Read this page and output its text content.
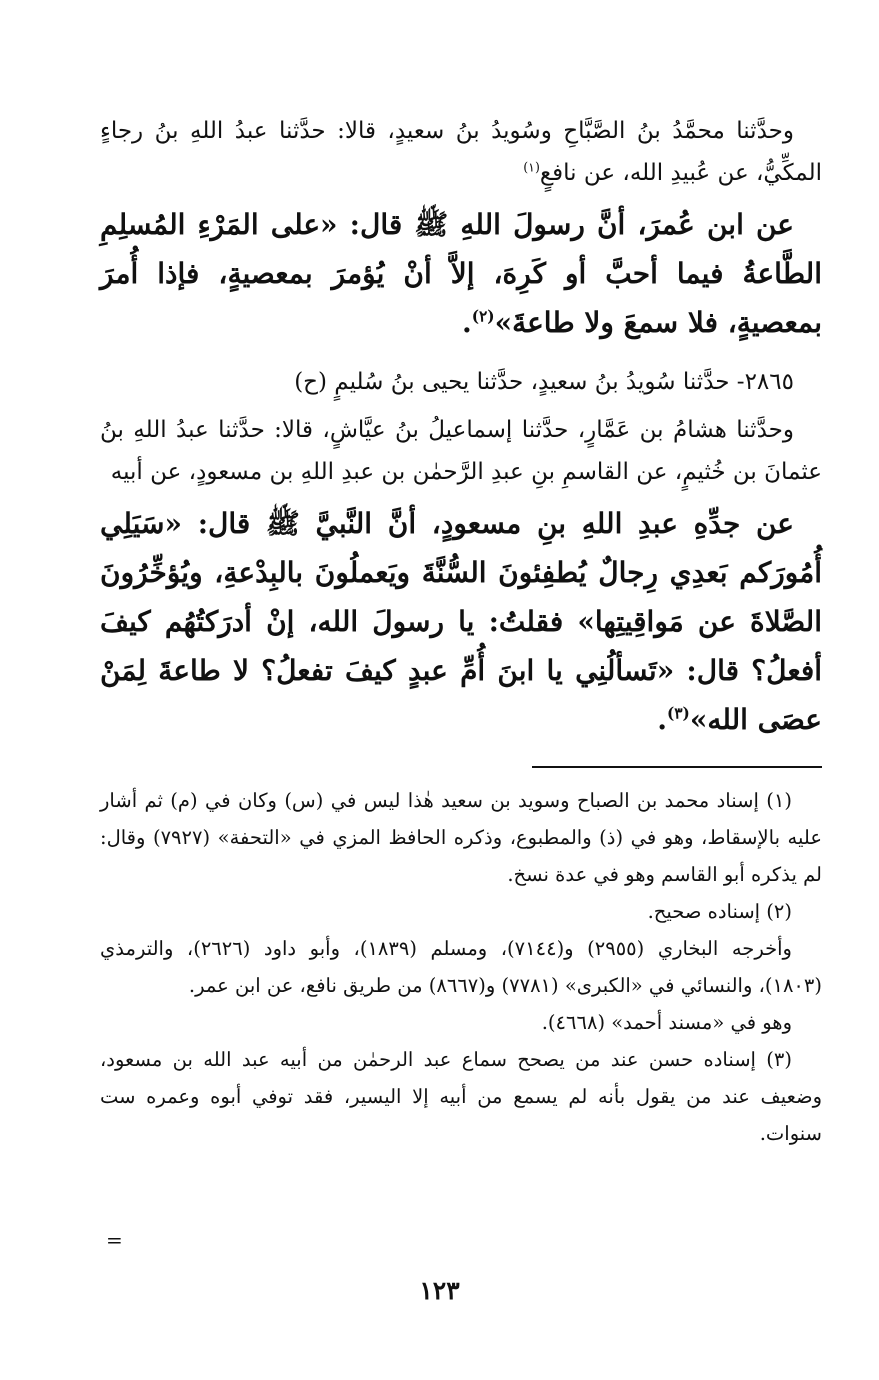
وحدَّثنا محمَّدُ بنُ الصَّبَّاحِ وسُويدُ بنُ سعيدٍ، قالا: حدَّثنا عبدُ اللهِ بنُ رجاءٍ المكِّيُّ، عن عُبيدِ الله، عن نافعٍ$^{(١)}$

عن ابن عُمرَ، أنَّ رسولَ اللهِ ﷺ قال: «على المَرْءِ المُسلِمِ الطَّاعةُ فيما أحبَّ أو كَرِهَ، إلاَّ أنْ يُؤمرَ بمعصيةٍ، فإذا أُمرَ بمعصيةٍ، فلا سمعَ ولا طاعةَ»$^{(٢)}$.

٢٨٦٥- حدَّثنا سُويدُ بنُ سعيدٍ، حدَّثنا يحيى بنُ سُليمٍ (ح)

وحدَّثنا هشامُ بن عَمَّارٍ، حدَّثنا إسماعيلُ بنُ عيَّاشٍ، قالا: حدَّثنا عبدُ اللهِ بنُ عثمانَ بن خُثيمٍ، عن القاسمِ بنِ عبدِ الرَّحمٰن بن عبدِ اللهِ بن مسعودٍ، عن أبيه

عن جدِّهِ عبدِ اللهِ بنِ مسعودٍ، أنَّ النَّبيَّ ﷺ قال: «سَيَلِي أُمُورَكم بَعدِي رِجالٌ يُطفِئونَ السُّنَّةَ ويَعملُونَ بالبِدْعةِ، ويُؤخِّرُونَ الصَّلاةَ عن مَواقِيتِها» فقلتُ: يا رسولَ الله، إنْ أدرَكتُهُم كيفَ أفعلُ؟ قال: «تَسألُنِي يا ابنَ أُمِّ عبدٍ كيفَ تفعلُ؟ لا طاعةَ لِمَنْ عصَى الله»$^{(٣)}$.

(١) إسناد محمد بن الصباح وسويد بن سعيد هٰذا ليس في (س) وكان في (م) ثم أشار عليه بالإسقاط، وهو في (ذ) والمطبوع، وذكره الحافظ المزي في «التحفة» (٧٩٢٧) وقال: لم يذكره أبو القاسم وهو في عدة نسخ.

(٢) إسناده صحيح.

وأخرجه البخاري (٢٩٥٥) و(٧١٤٤)، ومسلم (١٨٣٩)، وأبو داود (٢٦٢٦)، والترمذي (١٨٠٣)، والنسائي في «الكبرى» (٧٧٨١) و(٨٦٦٧) من طريق نافع، عن ابن عمر.

وهو في «مسند أحمد» (٤٦٦٨).

(٣) إسناده حسن عند من يصحح سماع عبد الرحمٰن من أبيه عبد الله بن مسعود، وضعيف عند من يقول بأنه لم يسمع من أبيه إلا اليسير، فقد توفي أبوه وعمره ست سنوات.

=
١٢٣
